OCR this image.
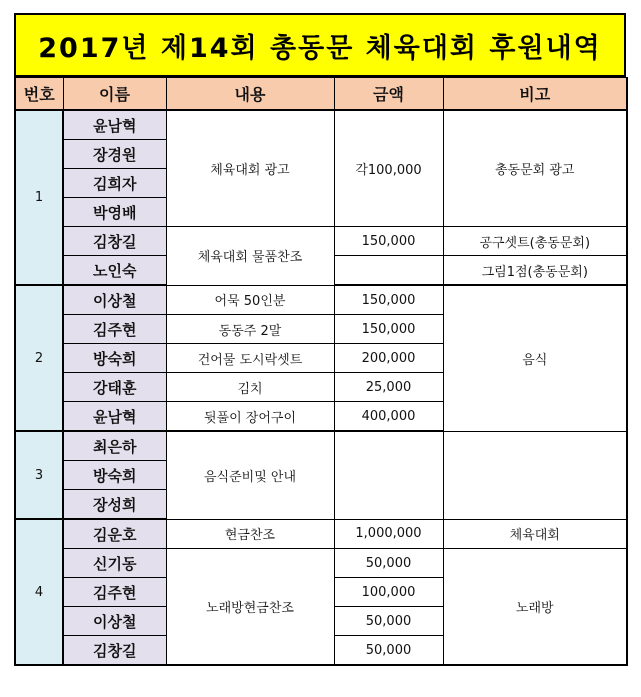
2017년 제14회 총동문 체육대회 후원내역
번호	이름	내용	금액	비고
1	윤남혁	체육대회 광고	각100,000	총동문회 광고
	장경원			
	김희자			
	박영배			
	김창길	체육대회 물품찬조	150,000	공구셋트(총동문회)
	노인숙			그림1점(총동문회)
2	이상철	어묵 50인분	150,000	음식
	김주현	동동주 2말	150,000	
	방숙희	건어물 도시락셋트	200,000	
	강태훈	김치	25,000	
	윤남혁	뒷풀이 장어구이	400,000	
3	최은하	음식준비및 안내		
	방숙희			
	장성희			
4	김운호	현금찬조	1,000,000	체육대회
	신기동	노래방현금찬조	50,000	노래방
	김주현		100,000	
	이상철		50,000	
	김창길		50,000	
